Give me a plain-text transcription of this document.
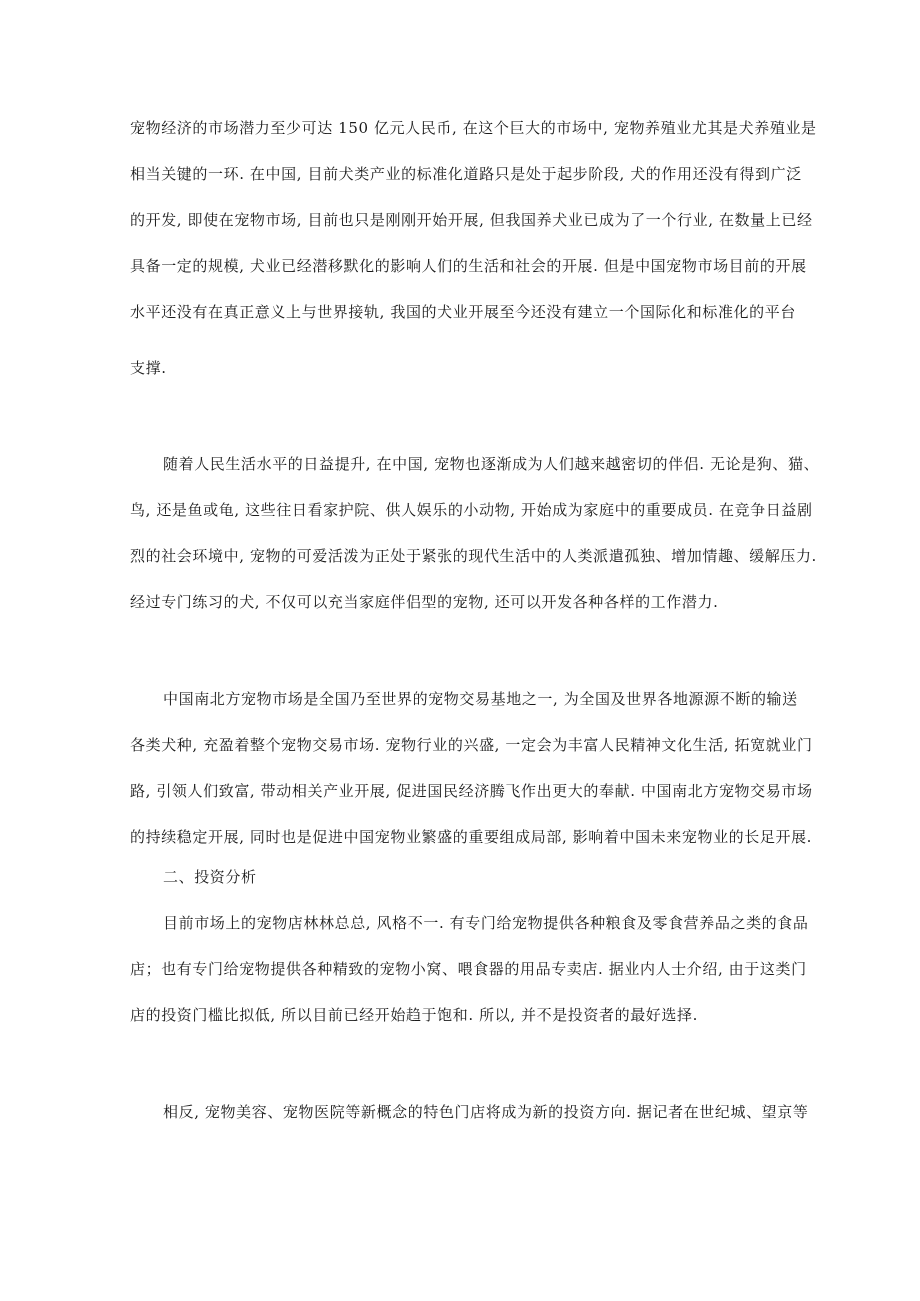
宠物经济的市场潜力至少可达 150 亿元人民币, 在这个巨大的市场中, 宠物养殖业尤其是犬养殖业是
相当关键的一环. 在中国, 目前犬类产业的标准化道路只是处于起步阶段, 犬的作用还没有得到广泛
的开发, 即使在宠物市场, 目前也只是刚刚开始开展, 但我国养犬业已成为了一个行业, 在数量上已经
具备一定的规模, 犬业已经潜移默化的影响人们的生活和社会的开展. 但是中国宠物市场目前的开展
水平还没有在真正意义上与世界接轨, 我国的犬业开展至今还没有建立一个国际化和标准化的平台
支撑.
随着人民生活水平的日益提升, 在中国, 宠物也逐渐成为人们越来越密切的伴侣. 无论是狗、猫、
鸟, 还是鱼或龟, 这些往日看家护院、供人娱乐的小动物, 开始成为家庭中的重要成员. 在竞争日益剧
烈的社会环境中, 宠物的可爱活泼为正处于紧张的现代生活中的人类派遣孤独、增加情趣、缓解压力.
经过专门练习的犬, 不仅可以充当家庭伴侣型的宠物, 还可以开发各种各样的工作潜力.
中国南北方宠物市场是全国乃至世界的宠物交易基地之一, 为全国及世界各地源源不断的输送
各类犬种, 充盈着整个宠物交易市场. 宠物行业的兴盛, 一定会为丰富人民精神文化生活, 拓宽就业门
路, 引领人们致富, 带动相关产业开展, 促进国民经济腾飞作出更大的奉献. 中国南北方宠物交易市场
的持续稳定开展, 同时也是促进中国宠物业繁盛的重要组成局部, 影响着中国未来宠物业的长足开展.
二、投资分析
目前市场上的宠物店林林总总, 风格不一. 有专门给宠物提供各种粮食及零食营养品之类的食品
店；也有专门给宠物提供各种精致的宠物小窝、喂食器的用品专卖店. 据业内人士介绍, 由于这类门
店的投资门槛比拟低, 所以目前已经开始趋于饱和. 所以, 并不是投资者的最好选择.
相反, 宠物美容、宠物医院等新概念的特色门店将成为新的投资方向. 据记者在世纪城、望京等
